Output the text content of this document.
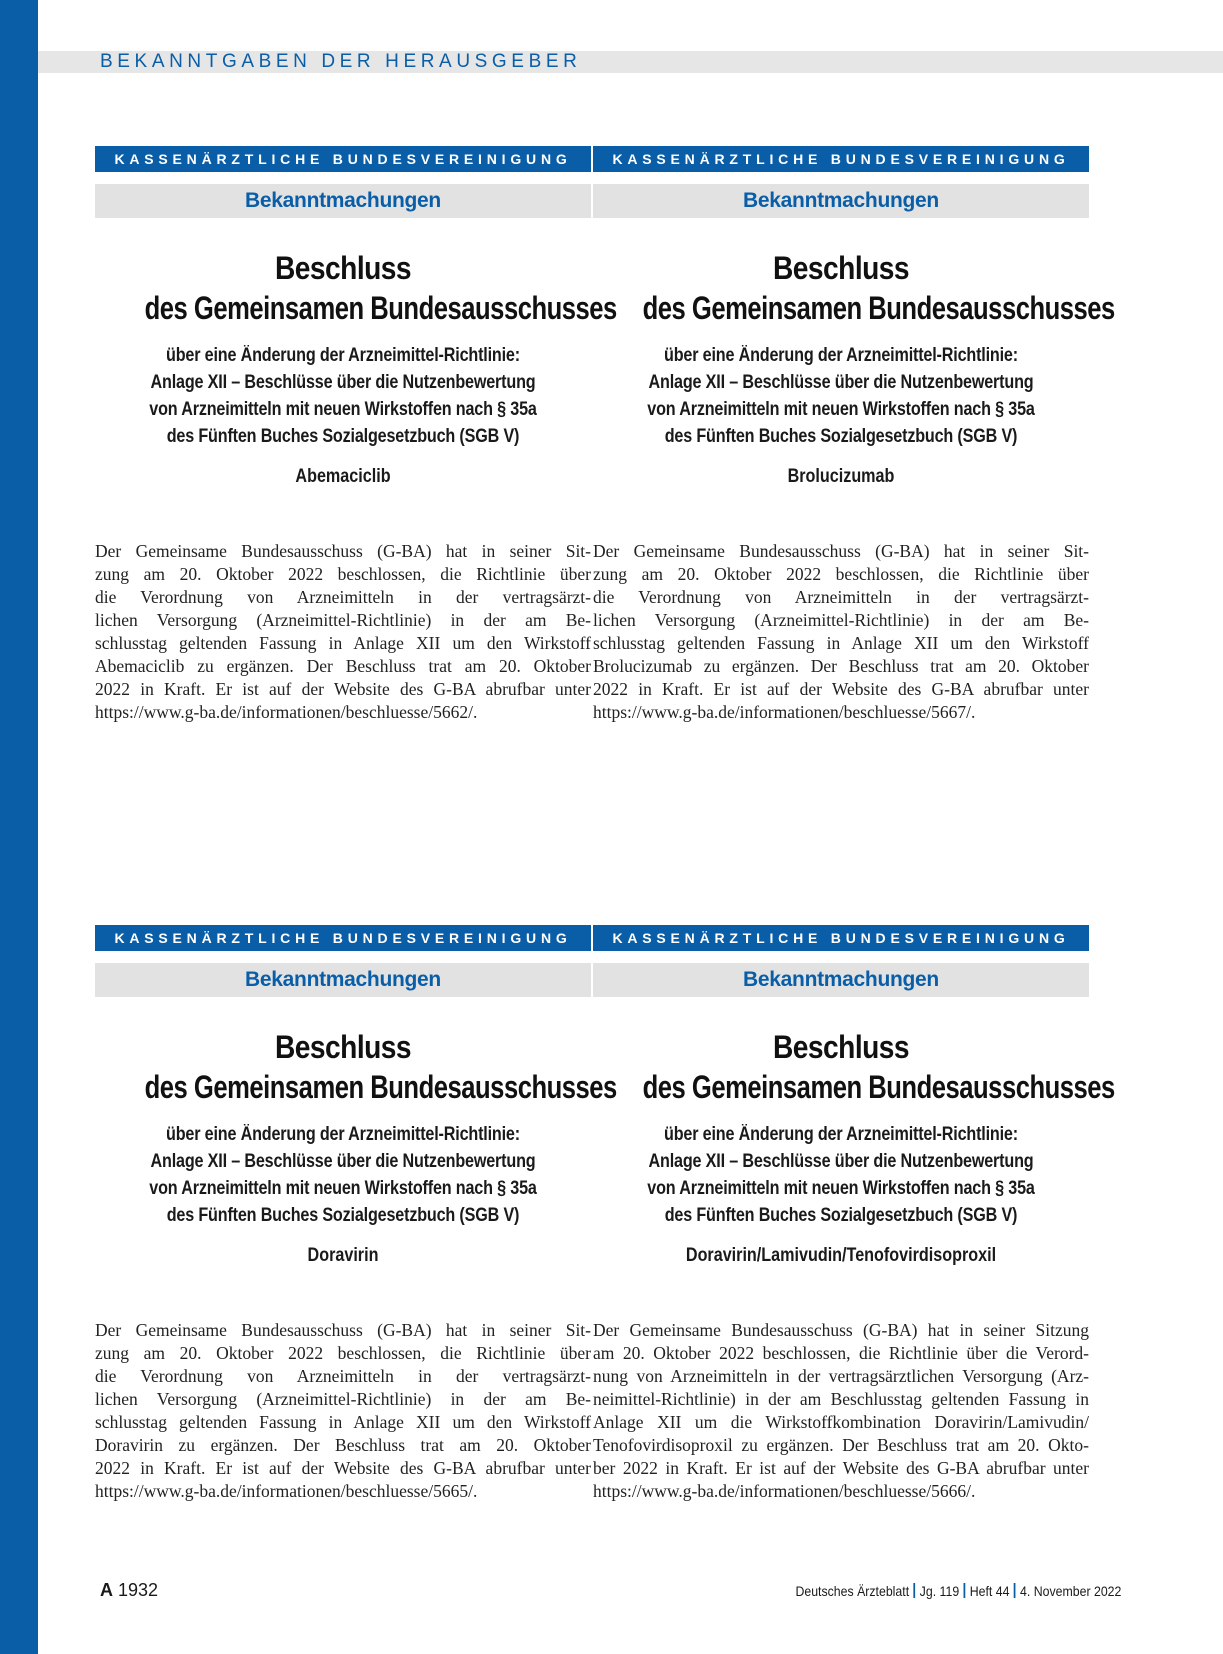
BEKANNTGABEN DER HERAUSGEBER
KASSENÄRZTLICHE BUNDESVEREINIGUNG
Bekanntmachungen
Beschluss
des Gemeinsamen Bundesausschusses
über eine Änderung der Arzneimittel-Richtlinie:
Anlage XII – Beschlüsse über die Nutzenbewertung
von Arzneimitteln mit neuen Wirkstoffen nach § 35a
des Fünften Buches Sozialgesetzbuch (SGB V)
Abemaciclib
Der Gemeinsame Bundesausschuss (G-BA) hat in seiner Sit-
zung am 20. Oktober 2022 beschlossen, die Richtlinie über
die Verordnung von Arzneimitteln in der vertragsärzt-
lichen Versorgung (Arzneimittel-Richtlinie) in der am Be-
schlusstag geltenden Fassung in Anlage XII um den Wirkstoff
Abemaciclib zu ergänzen. Der Beschluss trat am 20. Oktober
2022 in Kraft. Er ist auf der Website des G-BA abrufbar unter
https://www.g-ba.de/informationen/beschluesse/5662/.
KASSENÄRZTLICHE BUNDESVEREINIGUNG
Bekanntmachungen
Beschluss
des Gemeinsamen Bundesausschusses
über eine Änderung der Arzneimittel-Richtlinie:
Anlage XII – Beschlüsse über die Nutzenbewertung
von Arzneimitteln mit neuen Wirkstoffen nach § 35a
des Fünften Buches Sozialgesetzbuch (SGB V)
Brolucizumab
Der Gemeinsame Bundesausschuss (G-BA) hat in seiner Sit-
zung am 20. Oktober 2022 beschlossen, die Richtlinie über
die Verordnung von Arzneimitteln in der vertragsärzt-
lichen Versorgung (Arzneimittel-Richtlinie) in der am Be-
schlusstag geltenden Fassung in Anlage XII um den Wirkstoff
Brolucizumab zu ergänzen. Der Beschluss trat am 20. Oktober
2022 in Kraft. Er ist auf der Website des G-BA abrufbar unter
https://www.g-ba.de/informationen/beschluesse/5667/.
KASSENÄRZTLICHE BUNDESVEREINIGUNG
Bekanntmachungen
Beschluss
des Gemeinsamen Bundesausschusses
über eine Änderung der Arzneimittel-Richtlinie:
Anlage XII – Beschlüsse über die Nutzenbewertung
von Arzneimitteln mit neuen Wirkstoffen nach § 35a
des Fünften Buches Sozialgesetzbuch (SGB V)
Doravirin
Der Gemeinsame Bundesausschuss (G-BA) hat in seiner Sit-
zung am 20. Oktober 2022 beschlossen, die Richtlinie über
die Verordnung von Arzneimitteln in der vertragsärzt-
lichen Versorgung (Arzneimittel-Richtlinie) in der am Be-
schlusstag geltenden Fassung in Anlage XII um den Wirkstoff
Doravirin zu ergänzen. Der Beschluss trat am 20. Oktober
2022 in Kraft. Er ist auf der Website des G-BA abrufbar unter
https://www.g-ba.de/informationen/beschluesse/5665/.
KASSENÄRZTLICHE BUNDESVEREINIGUNG
Bekanntmachungen
Beschluss
des Gemeinsamen Bundesausschusses
über eine Änderung der Arzneimittel-Richtlinie:
Anlage XII – Beschlüsse über die Nutzenbewertung
von Arzneimitteln mit neuen Wirkstoffen nach § 35a
des Fünften Buches Sozialgesetzbuch (SGB V)
Doravirin/Lamivudin/Tenofovirdisoproxil
Der Gemeinsame Bundesausschuss (G-BA) hat in seiner Sitzung
am 20. Oktober 2022 beschlossen, die Richtlinie über die Verord-
nung von Arzneimitteln in der vertragsärztlichen Versorgung (Arz-
neimittel-Richtlinie) in der am Beschlusstag geltenden Fassung in
Anlage XII um die Wirkstoffkombination Doravirin/Lamivudin/
Tenofovirdisoproxil zu ergänzen. Der Beschluss trat am 20. Okto-
ber 2022 in Kraft. Er ist auf der Website des G-BA abrufbar unter
https://www.g-ba.de/informationen/beschluesse/5666/.
A 1932	Deutsches Ärzteblatt Jg. 119 Heft 44 4. November 2022
